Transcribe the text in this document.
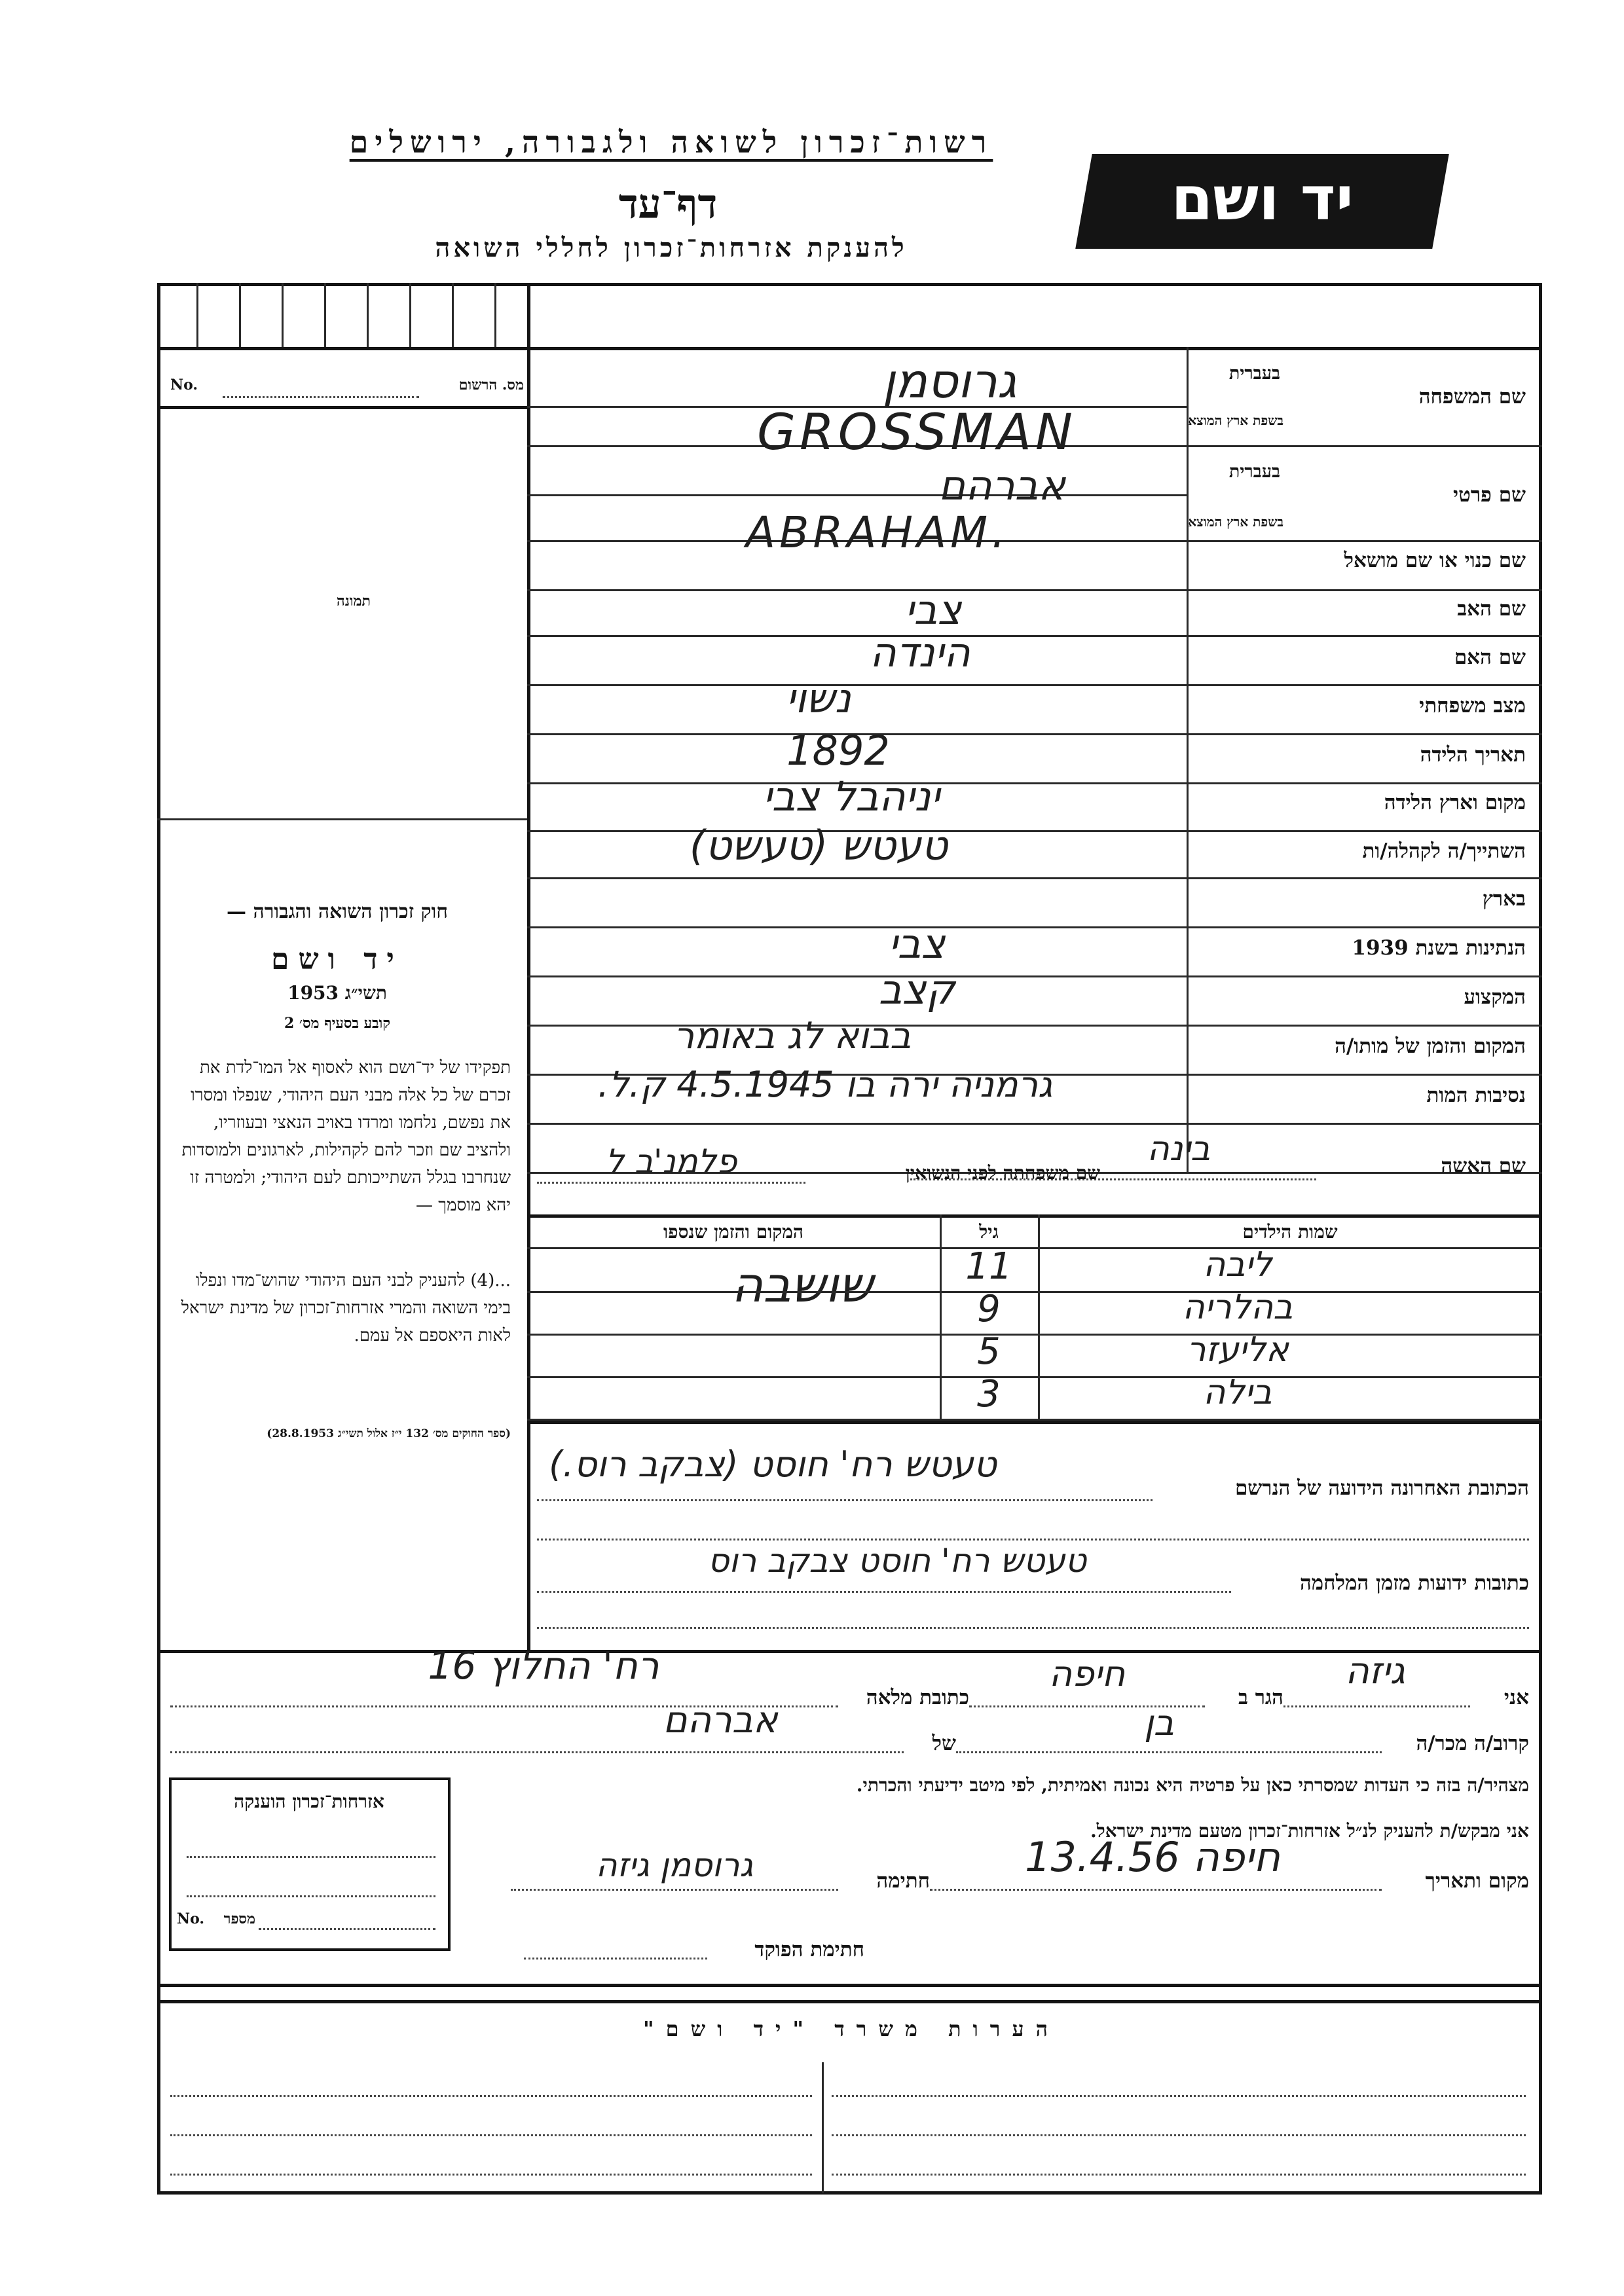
רשות־זכרון לשואה ולגבורה, ירושלים
דף־עד
להענקת אזרחות־זכרון לחללי השואה
יד ושם
מס. הרשום
No.
תמונה
חוק זכרון השואה והגבורה —
יד ושם
תשי״ג 1953
קובע בסעיף מס׳ 2
תפקידו של יד־ושם הוא לאסוף אל המו־לדת את זכרם של כל אלה מבני העם היהודי, שנפלו ומסרו את נפשם, נלחמו ומרדו באויב הנאצי ובעוזריו, ולהציב שם וזכר להם לקהילות, לארגונים ולמוסדות שנחרבו בגלל השתייכותם לעם היהודי; ולמטרה זו יהא מוסמך —
...(4) להעניק לבני העם היהודי שהוש־מדו ונפלו בימי השואה והמרי אזרחות־זכרון של מדינת ישראל לאות היאספם אל עמם.
(ספר החוקים מס׳ 132 י״ז אלול תשי״ג 28.8.1953)
שם המשפחה
בעברית
בשפת ארץ המוצא
גרוסמן
GROSSMAN
שם פרטי
בעברית
בשפת ארץ המוצא
אברהם
ABRAHAM.
שם כנוי או שם מושאל
שם האב
צבי
שם האם
הינדה
מצב משפחתי
נשוי
תאריך הלידה
1892
מקום וארץ הלידה
יניהבל צבי
השתייך/ה לקהלה/ות
טעטש (טעשט)
בארץ
הנתינות בשנת 1939
צבי
המקצוע
קצב
המקום והזמן של מותו/ה
בבוא לג באומר
נסיבות המות
גרמניה ירה בו 4.5.1945 ק.ל.
שם האשה
בינה
שם משפחתה לפני הנשואין
פלמנ'ב ל
שמות הילדים
גיל
המקום והזמן שנספו
שושבה	ליבה
11
בהלריה
9
אליעזר
5
בילה
3
הכתובת האחרונה הידועה של הנרשם
טעטש רח' חוסט (צבקב רוס.)
כתובות ידועות מזמן המלחמה
טעטש רח' חוסט צבקב רוס
אני
גיזה
הגר ב
חיפה
כתובת מלאה
רח' החלוץ 16
קרוב/ה מכר/ה
בן
של
אברהם
מצהיר/ה בזה כי העדות שמסרתי כאן על פרטיה היא נכונה ואמיתית, לפי מיטב ידיעתי והכרתי.
אני מבקש/ת להעניק לנ״ל אזרחות־זכרון מטעם מדינת ישראל.
מקום ותאריך
חיפה 13.4.56
חתימה
גרוסמן גיזה
חתימת הפוקד
אזרחות־זכרון הוענקה
No.	מספר
הערות משרד "יד ושם"
